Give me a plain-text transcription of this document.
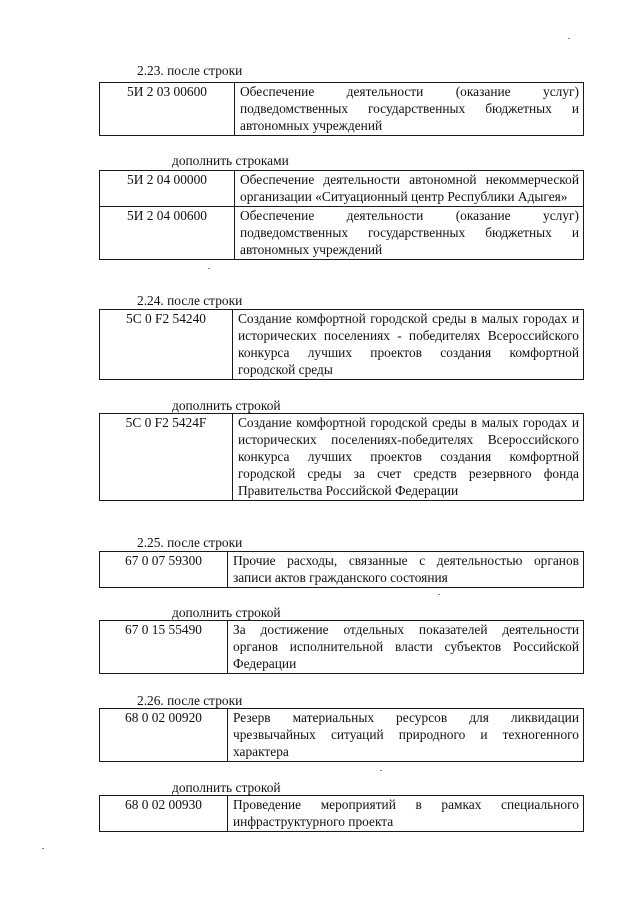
2.23. после строки
5И 2 03 00600	Обеспечение деятельности (оказание услуг) подведомственных государственных бюджетных и автономных учреждений
дополнить строками
5И 2 04 00000	Обеспечение деятельности автономной некоммерческой организации «Ситуационный центр Республики Адыгея»
5И 2 04 00600	Обеспечение деятельности (оказание услуг) подведомственных государственных бюджетных и автономных учреждений
2.24. после строки
5С 0 F2 54240	Создание комфортной городской среды в малых городах и исторических поселениях - победителях Всероссийского конкурса лучших проектов создания комфортной городской среды
дополнить строкой
5С 0 F2 5424F	Создание комфортной городской среды в малых городах и исторических поселениях-победителях Всероссийского конкурса лучших проектов создания комфортной городской среды за счет средств резервного фонда Правительства Российской Федерации
2.25. после строки
67 0 07 59300	Прочие расходы, связанные с деятельностью органов записи актов гражданского состояния
дополнить строкой
67 0 15 55490	За достижение отдельных показателей деятельности органов исполнительной власти субъектов Российской Федерации
2.26. после строки
68 0 02 00920	Резерв материальных ресурсов для ликвидации чрезвычайных ситуаций природного и техногенного характера
дополнить строкой
68 0 02 00930	Проведение мероприятий в рамках специального инфраструктурного проекта
